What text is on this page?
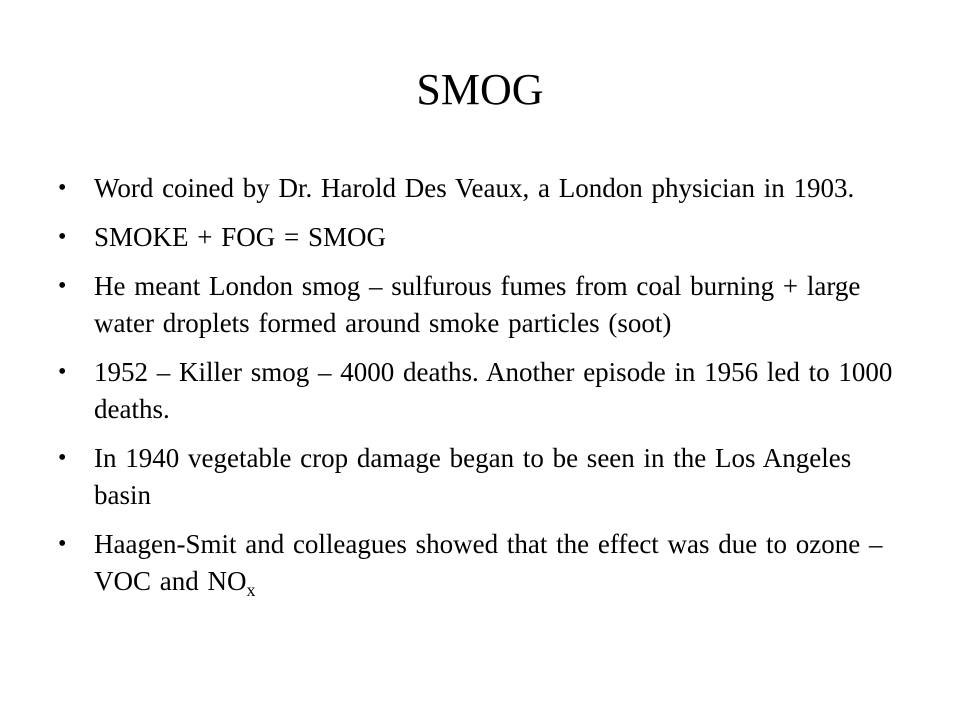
SMOG
• Word coined by Dr. Harold Des Veaux, a London physician in 1903.
• SMOKE + FOG = SMOG
• He meant London smog – sulfurous fumes from coal burning + large water droplets formed around smoke particles (soot)
• 1952 – Killer smog – 4000 deaths. Another episode in 1956 led to 1000 deaths.
• In 1940 vegetable crop damage began to be seen in the Los Angeles basin
• Haagen-Smit and colleagues showed that the effect was due to ozone – VOC and $NO_x$
